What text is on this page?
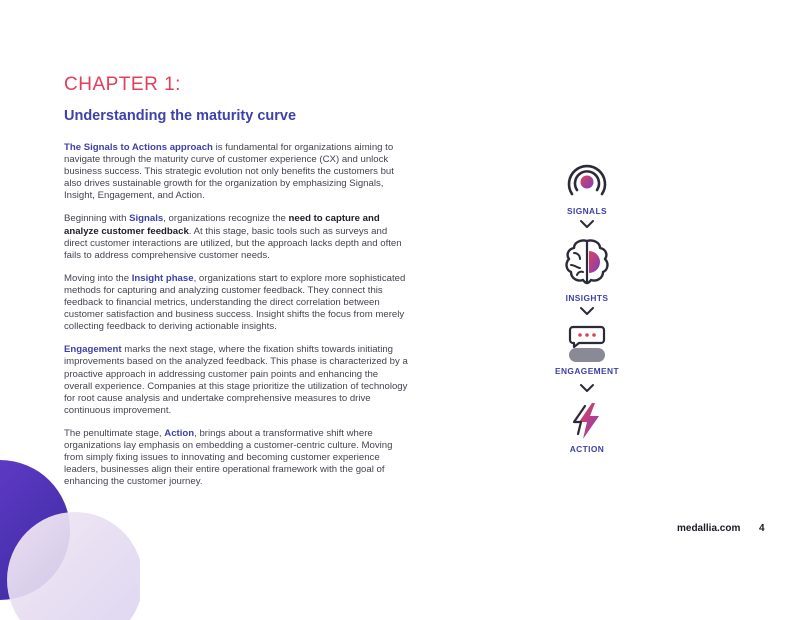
CHAPTER 1:
Understanding the maturity curve

The Signals to Actions approach is fundamental for organizations aiming to navigate through the maturity curve of customer experience (CX) and unlock business success. This strategic evolution not only benefits the customers but also drives sustainable growth for the organization by emphasizing Signals, Insight, Engagement, and Action.

Beginning with Signals, organizations recognize the need to capture and analyze customer feedback. At this stage, basic tools such as surveys and direct customer interactions are utilized, but the approach lacks depth and often fails to address comprehensive customer needs.

Moving into the Insight phase, organizations start to explore more sophisticated methods for capturing and analyzing customer feedback. They connect this feedback to financial metrics, understanding the direct correlation between customer satisfaction and business success. Insight shifts the focus from merely collecting feedback to deriving actionable insights.

Engagement marks the next stage, where the fixation shifts towards initiating improvements based on the analyzed feedback. This phase is characterized by a proactive approach in addressing customer pain points and enhancing the overall experience. Companies at this stage prioritize the utilization of technology for root cause analysis and undertake comprehensive measures to drive continuous improvement.

The penultimate stage, Action, brings about a transformative shift where organizations lay emphasis on embedding a customer-centric culture. Moving from simply fixing issues to innovating and becoming customer experience leaders, businesses align their entire operational framework with the goal of enhancing the customer journey.

SIGNALS
INSIGHTS
ENGAGEMENT
ACTION
medallia.com 4
